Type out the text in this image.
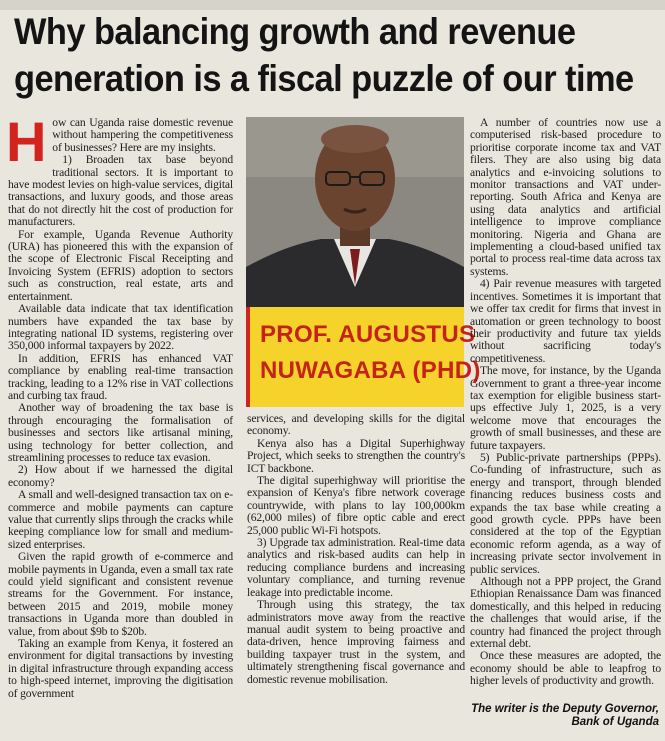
Why balancing growth and revenue
generation is a fiscal puzzle of our time
H ow can Uganda raise domestic revenue without hampering the competitiveness of businesses? Here are my insights.

1) Broaden tax base beyond traditional sectors. It is important to have modest levies on high-value services, digital transactions, and luxury goods, and those areas that do not directly hit the cost of production for manufacturers.

For example, Uganda Revenue Authority (URA) has pioneered this with the expansion of the scope of Electronic Fiscal Receipting and Invoicing System (EFRIS) adoption to sectors such as construction, real estate, arts and entertainment.

Available data indicate that tax identification numbers have expanded the tax base by integrating national ID systems, registering over 350,000 informal taxpayers by 2022.

In addition, EFRIS has enhanced VAT compliance by enabling real-time transaction tracking, leading to a 12% rise in VAT collections and curbing tax fraud.

Another way of broadening the tax base is through encouraging the formalisation of businesses and sectors like artisanal mining, using technology for better collection, and streamlining processes to reduce tax evasion.

2) How about if we harnessed the digital economy?

A small and well-designed transaction tax on e-commerce and mobile payments can capture value that currently slips through the cracks while keeping compliance low for small and medium-sized enterprises.

Given the rapid growth of e-commerce and mobile payments in Uganda, even a small tax rate could yield significant and consistent revenue streams for the Government. For instance, between 2015 and 2019, mobile money transactions in Uganda more than doubled in value, from about $9b to $20b.

Taking an example from Kenya, it fostered an environment for digital transactions by investing in digital infrastructure through expanding access to high-speed internet, improving the digitisation of government

PROF. AUGUSTUS
NUWAGABA (PHD)

services, and developing skills for the digital economy.

Kenya also has a Digital Superhighway Project, which seeks to strengthen the country's ICT backbone.

The digital superhighway will prioritise the expansion of Kenya's fibre network coverage countrywide, with plans to lay 100,000km (62,000 miles) of fibre optic cable and erect 25,000 public Wi-Fi hotspots.

3) Upgrade tax administration. Real-time data analytics and risk-based audits can help in reducing compliance burdens and increasing voluntary compliance, and turning revenue leakage into predictable income.

Through using this strategy, the tax administrators move away from the reactive manual audit system to being proactive and data-driven, hence improving fairness and building taxpayer trust in the system, and ultimately strengthening fiscal governance and domestic revenue mobilisation.

A number of countries now use a computerised risk-based procedure to prioritise corporate income tax and VAT filers. They are also using big data analytics and e-invoicing solutions to monitor transactions and VAT under-reporting. South Africa and Kenya are using data analytics and artificial intelligence to improve compliance monitoring. Nigeria and Ghana are implementing a cloud-based unified tax portal to process real-time data across tax systems.

4) Pair revenue measures with targeted incentives. Sometimes it is important that we offer tax credit for firms that invest in automation or green technology to boost their productivity and future tax yields without sacrificing today's competitiveness.

The move, for instance, by the Uganda Government to grant a three-year income tax exemption for eligible business start-ups effective July 1, 2025, is a very welcome move that encourages the growth of small businesses, and these are future taxpayers.

5) Public-private partnerships (PPPs). Co-funding of infrastructure, such as energy and transport, through blended financing reduces business costs and expands the tax base while creating a good growth cycle. PPPs have been considered at the top of the Egyptian economic reform agenda, as a way of increasing private sector involvement in public services.

Although not a PPP project, the Grand Ethiopian Renaissance Dam was financed domestically, and this helped in reducing the challenges that would arise, if the country had financed the project through external debt.

Once these measures are adopted, the economy should be able to leapfrog to higher levels of productivity and growth.

The writer is the Deputy Governor,
Bank of Uganda
